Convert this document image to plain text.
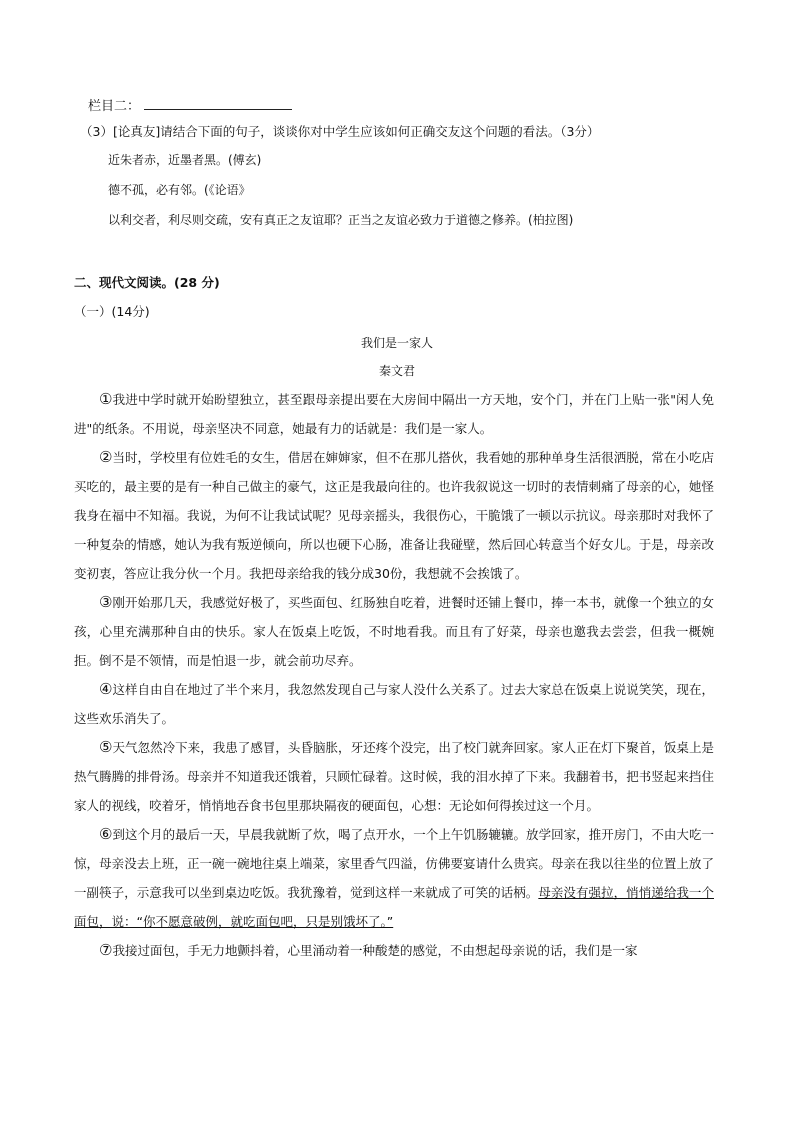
栏目二：
（3）[论真友]请结合下面的句子，谈谈你对中学生应该如何正确交友这个问题的看法。（3分）
近朱者赤，近墨者黑。(傅玄)
德不孤，必有邻。(《论语》
以利交者，利尽则交疏，安有真正之友谊耶？正当之友谊必致力于道德之修养。(柏拉图)
二、现代文阅读。(28 分)
（一）(14分)
我们是一家人
秦文君

①我进中学时就开始盼望独立，甚至跟母亲提出要在大房间中隔出一方天地，安个门，并在门上贴一张"闲人免进"的纸条。不用说，母亲坚决不同意，她最有力的话就是：我们是一家人。

②当时，学校里有位姓毛的女生，借居在婶婶家，但不在那儿搭伙，我看她的那种单身生活很洒脱，常在小吃店买吃的，最主要的是有一种自己做主的豪气，这正是我最向往的。也许我叙说这一切时的表情刺痛了母亲的心，她怪我身在福中不知福。我说，为何不让我试试呢？见母亲摇头，我很伤心，干脆饿了一顿以示抗议。母亲那时对我怀了一种复杂的情感，她认为我有叛逆倾向，所以也硬下心肠，准备让我碰壁，然后回心转意当个好女儿。于是，母亲改变初衷，答应让我分伙一个月。我把母亲给我的钱分成30份，我想就不会挨饿了。

③刚开始那几天，我感觉好极了，买些面包、红肠独自吃着，进餐时还铺上餐巾，捧一本书，就像一个独立的女孩，心里充满那种自由的快乐。家人在饭桌上吃饭，不时地看我。而且有了好菜，母亲也邀我去尝尝，但我一概婉拒。倒不是不领情，而是怕退一步，就会前功尽弃。

④这样自由自在地过了半个来月，我忽然发现自己与家人没什么关系了。过去大家总在饭桌上说说笑笑，现在，这些欢乐消失了。

⑤天气忽然冷下来，我患了感冒，头昏脑胀，牙还疼个没完，出了校门就奔回家。家人正在灯下聚首，饭桌上是热气腾腾的排骨汤。母亲并不知道我还饿着，只顾忙碌着。这时候，我的泪水掉了下来。我翻着书，把书竖起来挡住家人的视线，咬着牙，悄悄地吞食书包里那块隔夜的硬面包，心想：无论如何得挨过这一个月。

⑥到这个月的最后一天，早晨我就断了炊，喝了点开水，一个上午饥肠辘辘。放学回家，推开房门，不由大吃一惊，母亲没去上班，正一碗一碗地往桌上端菜，家里香气四溢，仿佛要宴请什么贵宾。母亲在我以往坐的位置上放了一副筷子，示意我可以坐到桌边吃饭。我犹豫着，觉到这样一来就成了可笑的话柄。母亲没有强拉，悄悄递给我一个面包，说：“你不愿意破例，就吃面包吧，只是别饿坏了。”

⑦我接过面包，手无力地颤抖着，心里涌动着一种酸楚的感觉，不由想起母亲说的话，我们是一家
